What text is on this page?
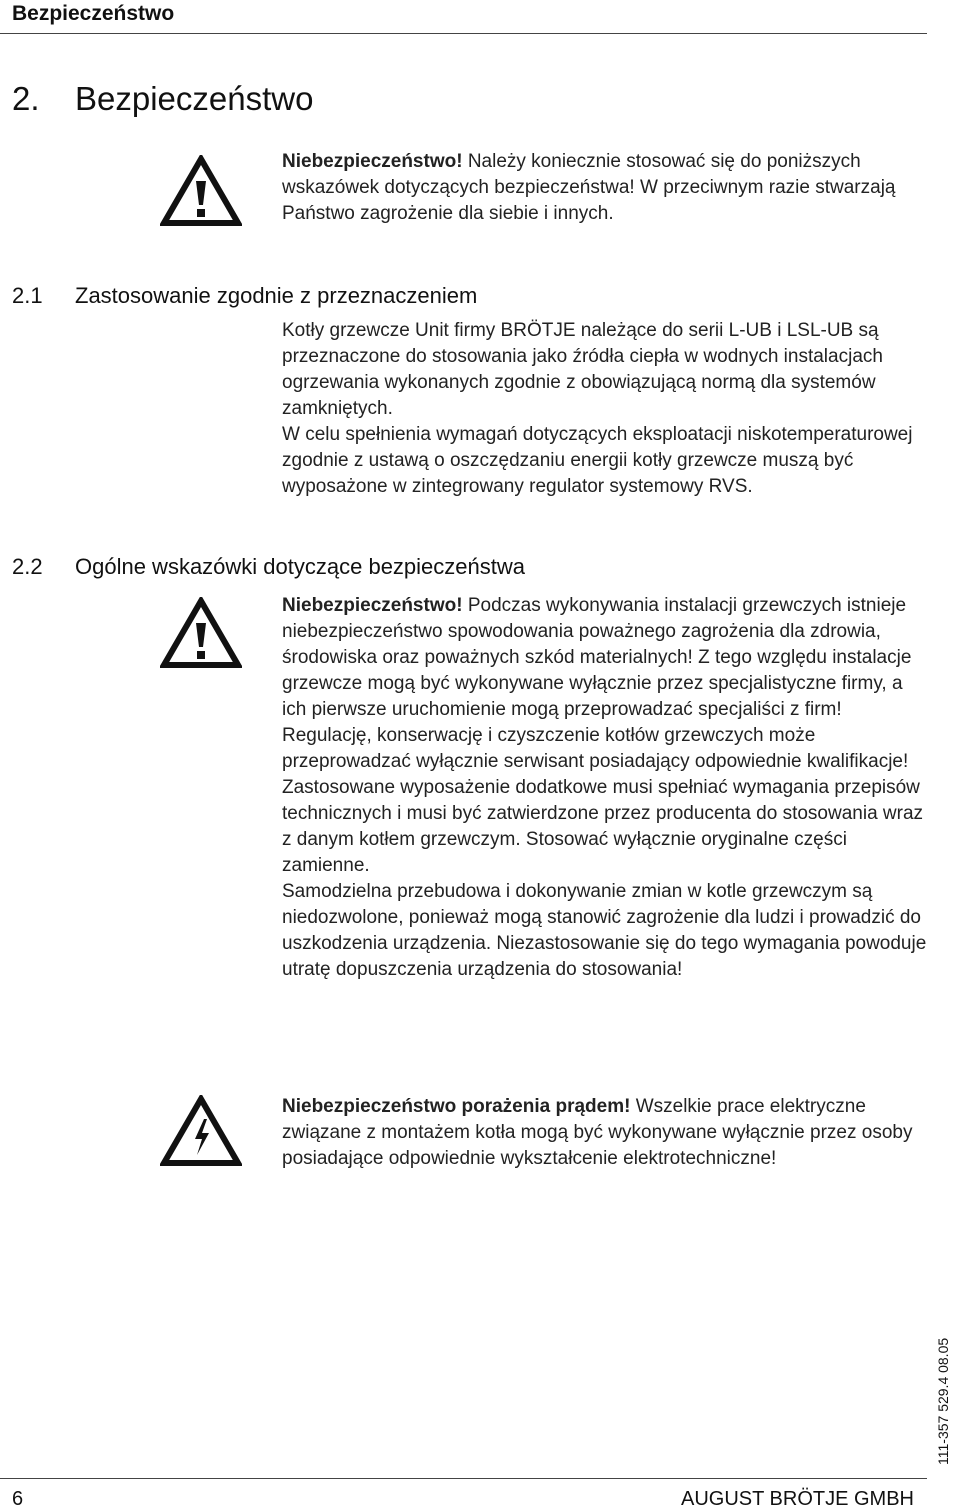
Bezpieczeństwo
2. Bezpieczeństwo

Niebezpieczeństwo! Należy koniecznie stosować się do poniższych wskazówek dotyczących bezpieczeństwa! W przeciwnym razie stwarzają Państwo zagrożenie dla siebie i innych.

2.1 Zastosowanie zgodnie z przeznaczeniem

Kotły grzewcze Unit firmy BRÖTJE należące do serii L-UB i LSL-UB są przeznaczone do stosowania jako źródła ciepła w wodnych instalacjach ogrzewania wykonanych zgodnie z obowiązującą normą dla systemów zamkniętych.

W celu spełnienia wymagań dotyczących eksploatacji niskotemperaturowej zgodnie z ustawą o oszczędzaniu energii kotły grzewcze muszą być wyposażone w zintegrowany regulator systemowy RVS.

2.2 Ogólne wskazówki dotyczące bezpieczeństwa

Niebezpieczeństwo! Podczas wykonywania instalacji grzewczych istnieje niebezpieczeństwo spowodowania poważnego zagrożenia dla zdrowia, środowiska oraz poważnych szkód materialnych! Z tego względu instalacje grzewcze mogą być wykonywane wyłącznie przez specjalistyczne firmy, a ich pierwsze uruchomienie mogą przeprowadzać specjaliści z firm!

Regulację, konserwację i czyszczenie kotłów grzewczych może przeprowadzać wyłącznie serwisant posiadający odpowiednie kwalifikacje!

Zastosowane wyposażenie dodatkowe musi spełniać wymagania przepisów technicznych i musi być zatwierdzone przez producenta do stosowania wraz z danym kotłem grzewczym. Stosować wyłącznie oryginalne części zamienne.

Samodzielna przebudowa i dokonywanie zmian w kotle grzewczym są niedozwolone, ponieważ mogą stanowić zagrożenie dla ludzi i prowadzić do uszkodzenia urządzenia. Niezastosowanie się do tego wymagania powoduje utratę dopuszczenia urządzenia do stosowania!

Niebezpieczeństwo porażenia prądem! Wszelkie prace elektryczne związane z montażem kotła mogą być wykonywane wyłącznie przez osoby posiadające odpowiednie wykształcenie elektrotechniczne!

111-357 529.4 08.05
6	AUGUST BRÖTJE GMBH
